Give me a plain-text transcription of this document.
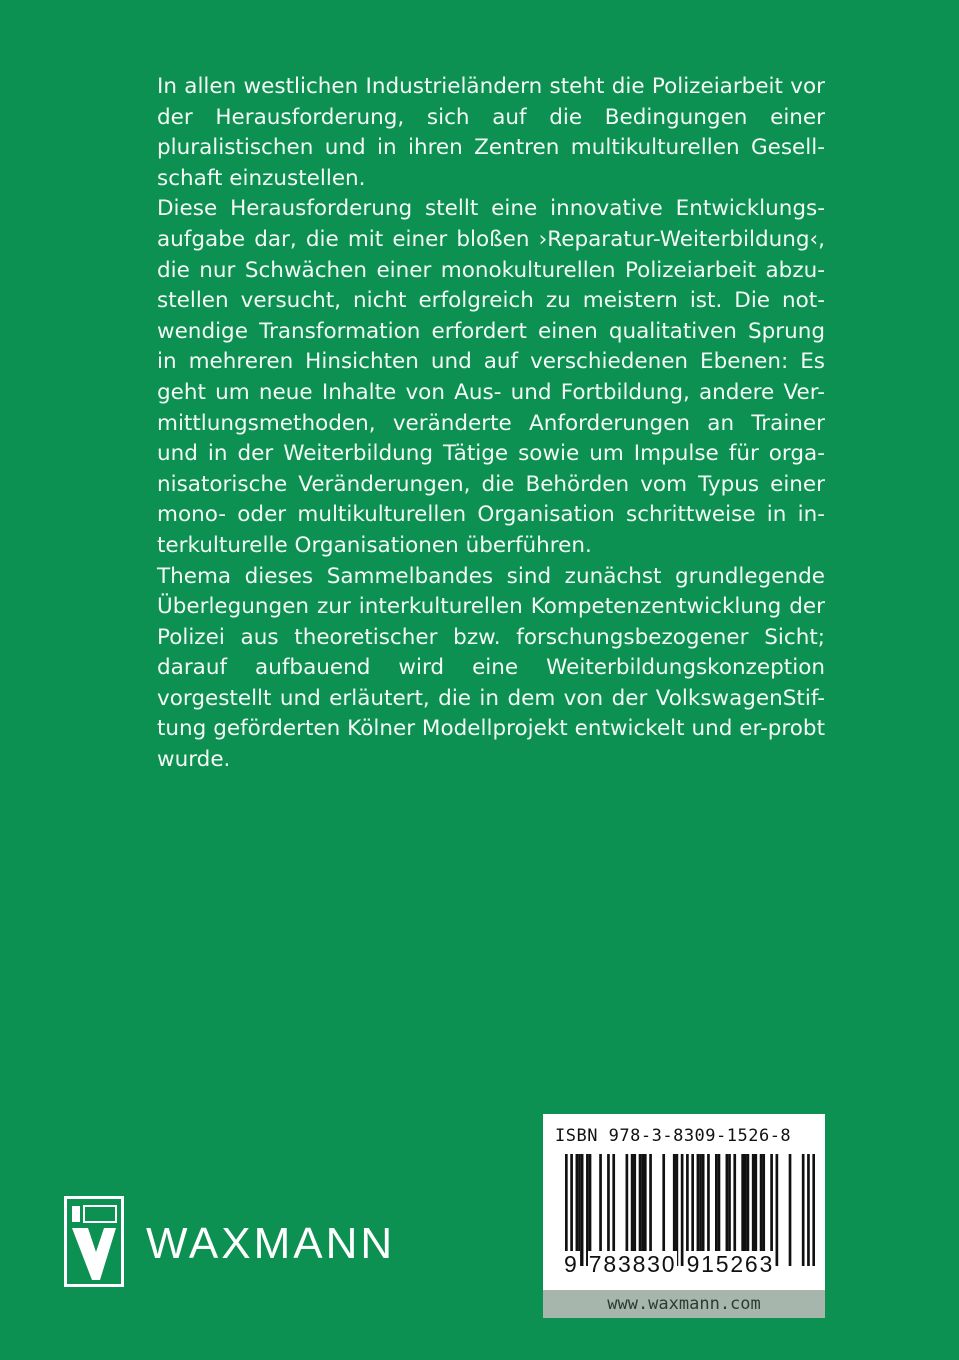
In allen westlichen Industrieländern steht die Polizeiarbeit vor der Herausforderung, sich auf die Bedingungen einer pluralistischen und in ihren Zentren multikulturellen Gesell -schaft einzustellen.

Diese Herausforderung stellt eine innovative Entwicklungs -aufgabe dar, die mit einer bloßen ›Reparatur-Weiterbildung‹, die nur Schwächen einer monokulturellen Polizeiarbeit abzu -stellen versucht, nicht erfolgreich zu meistern ist. Die not -wendige Transformation erfordert einen qualitativen Sprung in mehreren Hinsichten und auf verschiedenen Ebenen: Es geht um neue Inhalte von Aus- und Fortbildung, andere Ver -mittlungsmethoden, veränderte Anforderungen an Trainer und in der Weiterbildung Tätige sowie um Impulse für orga -nisatorische Veränderungen, die Behörden vom Typus einer mono- oder multikulturellen Organisation schrittweise in in -terkulturelle Organisationen überführen.

Thema dieses Sammelbandes sind zunächst grundlegende Überlegungen zur interkulturellen Kompetenzentwicklung der Polizei aus theoretischer bzw. forschungsbezogener Sicht; darauf aufbauend wird eine Weiterbildungskonzeption vorgestellt und erläutert, die in dem von der VolkswagenStif -tung geförderten Kölner Modellprojekt entwickelt und er - probt wurde.

WAXMANN
ISBN 978-3-8309-1526-8
9 783830 915263
www.waxmann.com
